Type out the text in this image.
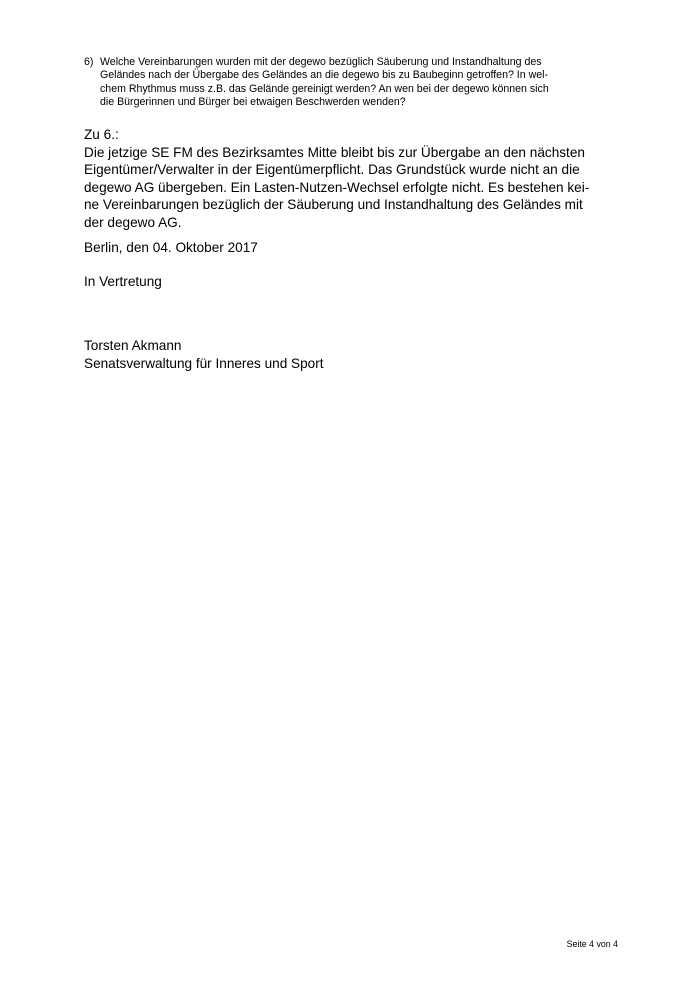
6) Welche Vereinbarungen wurden mit der degewo bezüglich Säuberung und Instandhaltung des
Geländes nach der Übergabe des Geländes an die degewo bis zu Baubeginn getroffen? In wel-
chem Rhythmus muss z.B. das Gelände gereinigt werden? An wen bei der degewo können sich
die Bürgerinnen und Bürger bei etwaigen Beschwerden wenden?
Zu 6.:
Die jetzige SE FM des Bezirksamtes Mitte bleibt bis zur Übergabe an den nächsten
Eigentümer/Verwalter in der Eigentümerpflicht. Das Grundstück wurde nicht an die
degewo AG übergeben. Ein Lasten-Nutzen-Wechsel erfolgte nicht. Es bestehen kei-
ne Vereinbarungen bezüglich der Säuberung und Instandhaltung des Geländes mit
der degewo AG.
Berlin, den 04. Oktober 2017
In Vertretung
Torsten Akmann
Senatsverwaltung für Inneres und Sport
Seite 4 von 4
